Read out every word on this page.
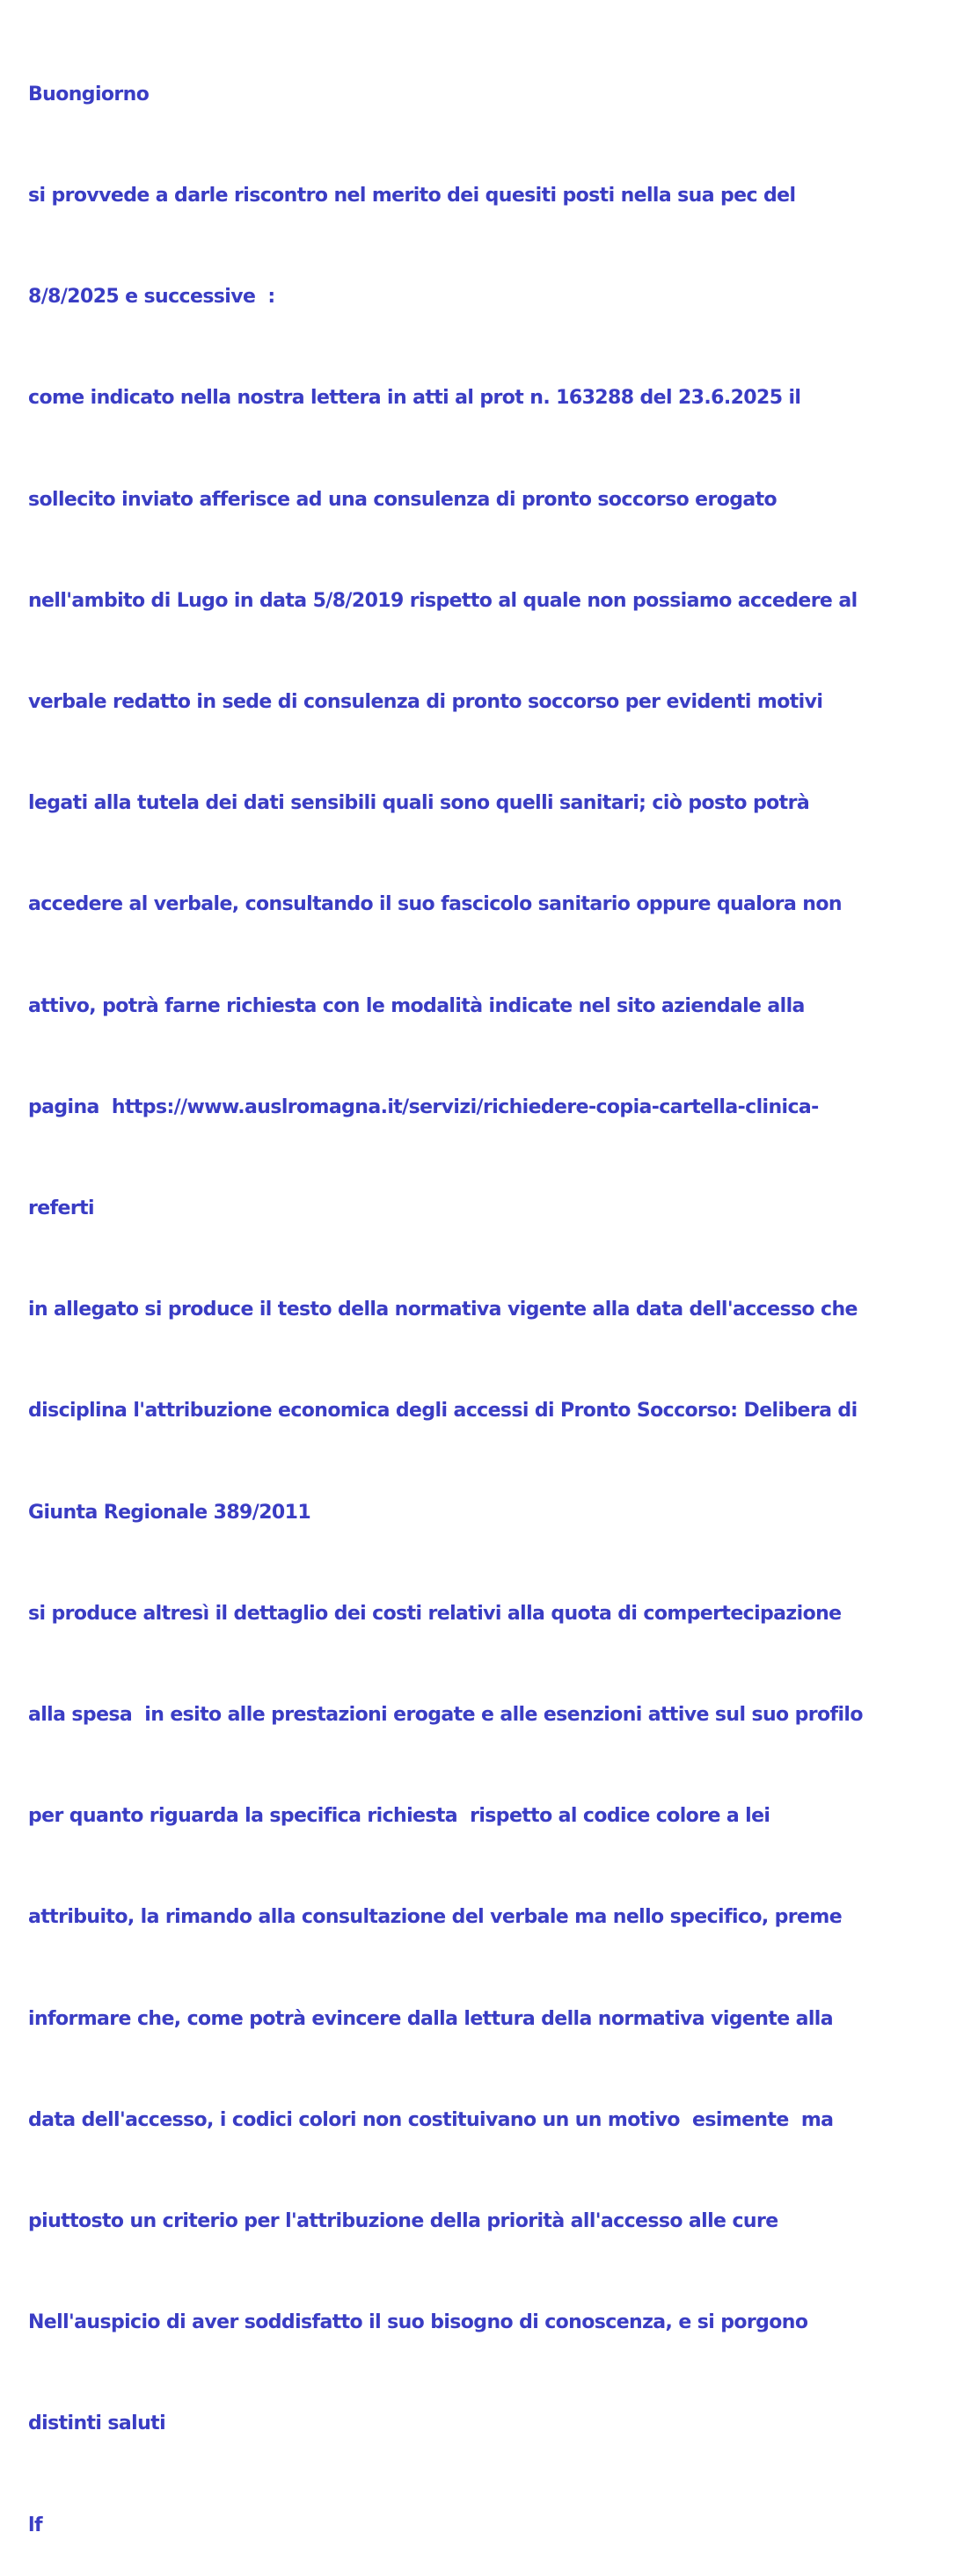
Buongiorno

si provvede a darle riscontro nel merito dei quesiti posti nella sua pec del

8/8/2025 e successive  :

come indicato nella nostra lettera in atti al prot n. 163288 del 23.6.2025 il

sollecito inviato afferisce ad una consulenza di pronto soccorso erogato

nell'ambito di Lugo in data 5/8/2019 rispetto al quale non possiamo accedere al

verbale redatto in sede di consulenza di pronto soccorso per evidenti motivi

legati alla tutela dei dati sensibili quali sono quelli sanitari; ciò posto potrà

accedere al verbale, consultando il suo fascicolo sanitario oppure qualora non

attivo, potrà farne richiesta con le modalità indicate nel sito aziendale alla

pagina  https://www.auslromagna.it/servizi/richiedere-copia-cartella-clinica-

referti

in allegato si produce il testo della normativa vigente alla data dell'accesso che

disciplina l'attribuzione economica degli accessi di Pronto Soccorso: Delibera di

Giunta Regionale 389/2011

si produce altresì il dettaglio dei costi relativi alla quota di compertecipazione

alla spesa  in esito alle prestazioni erogate e alle esenzioni attive sul suo profilo

per quanto riguarda la specifica richiesta  rispetto al codice colore a lei

attribuito, la rimando alla consultazione del verbale ma nello specifico, preme

informare che, come potrà evincere dalla lettura della normativa vigente alla

data dell'accesso, i codici colori non costituivano un un motivo  esimente  ma

piuttosto un criterio per l'attribuzione della priorità all'accesso alle cure

Nell'auspicio di aver soddisfatto il suo bisogno di conoscenza, e si porgono

distinti saluti

lf
